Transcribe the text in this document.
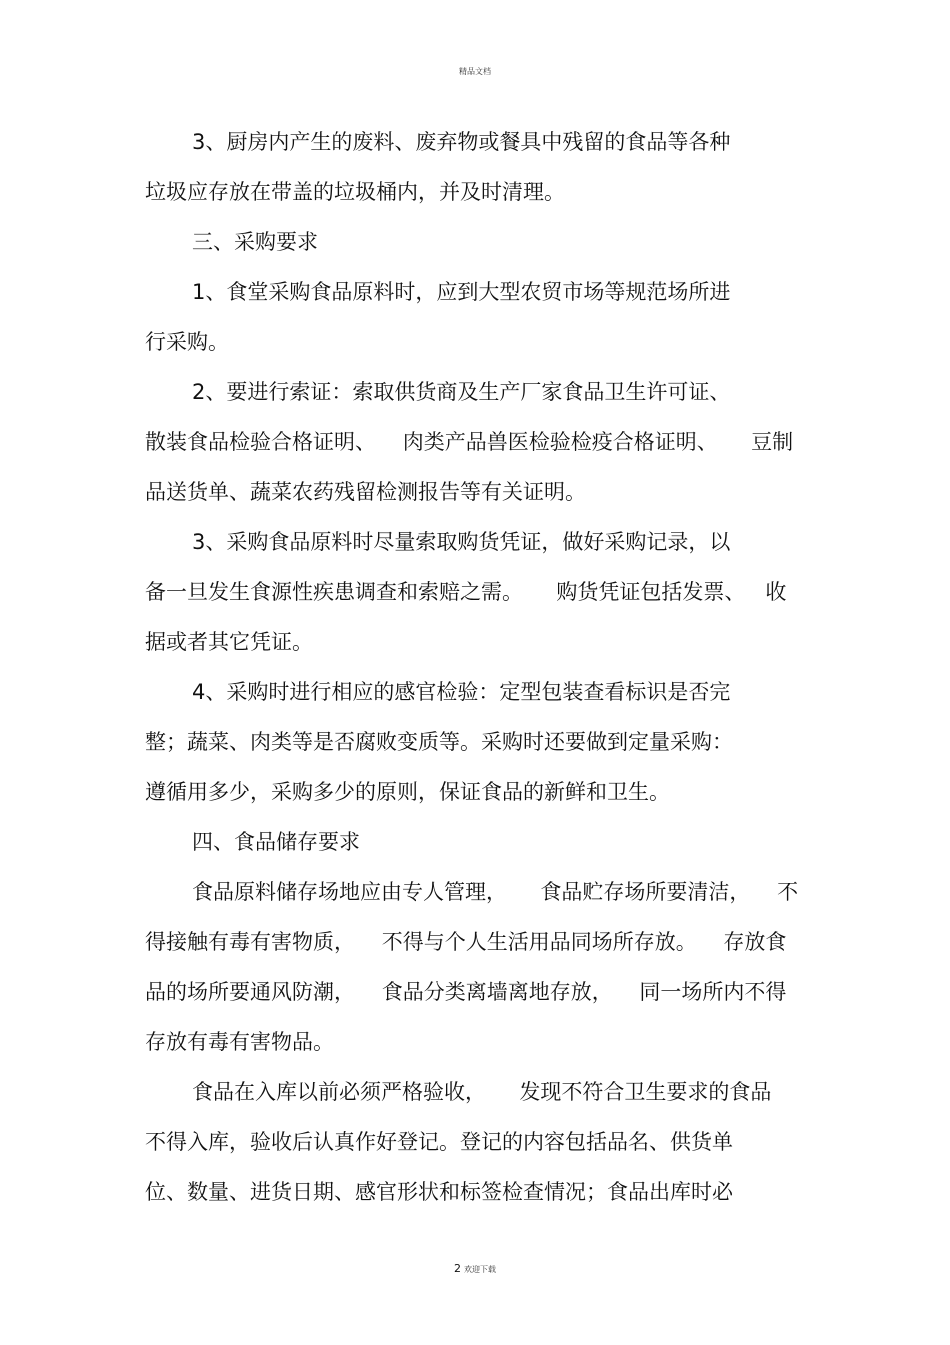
精品文档
3、厨房内产生的废料、废弃物或餐具中残留的食品等各种
垃圾应存放在带盖的垃圾桶内，并及时清理。
三、采购要求
1、食堂采购食品原料时，应到大型农贸市场等规范场所进
行采购。
2、要进行索证：索取供货商及生产厂家食品卫生许可证、
散装食品检验合格证明、    肉类产品兽医检验检疫合格证明、     豆制
品送货单、蔬菜农药残留检测报告等有关证明。
3、采购食品原料时尽量索取购货凭证，做好采购记录，以
备一旦发生食源性疾患调查和索赔之需。     购货凭证包括发票、   收
据或者其它凭证。
4、采购时进行相应的感官检验：定型包装查看标识是否完
整；蔬菜、肉类等是否腐败变质等。采购时还要做到定量采购：
遵循用多少，采购多少的原则，保证食品的新鲜和卫生。
四、食品储存要求
食品原料储存场地应由专人管理，     食品贮存场所要清洁，    不
得接触有毒有害物质，    不得与个人生活用品同场所存放。    存放食
品的场所要通风防潮，    食品分类离墙离地存放，    同一场所内不得
存放有毒有害物品。
食品在入库以前必须严格验收，     发现不符合卫生要求的食品
不得入库，验收后认真作好登记。登记的内容包括品名、供货单
位、数量、进货日期、感官形状和标签检查情况；食品出库时必
2 欢迎下载
